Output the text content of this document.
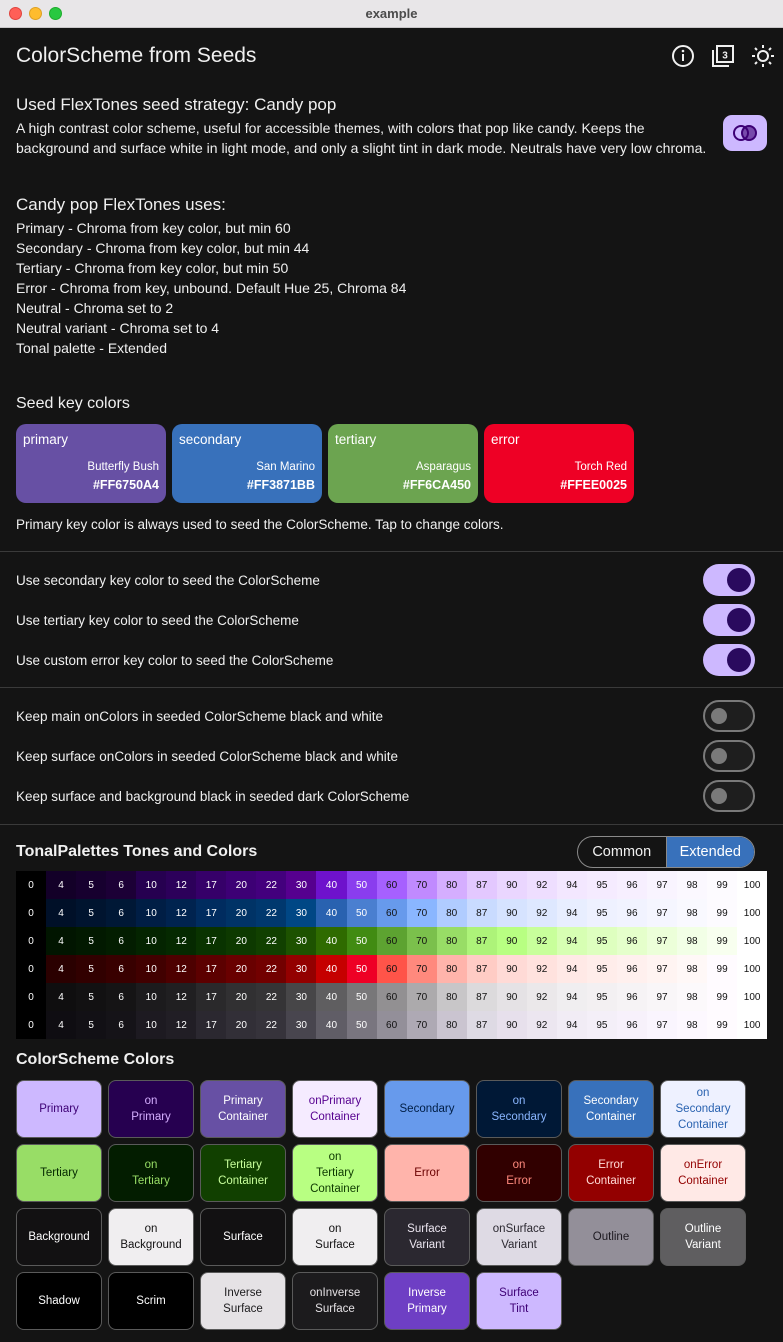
example
ColorScheme from Seeds	3
Used FlexTones seed strategy: Candy pop
A high contrast color scheme, useful for accessible themes, with colors that pop like candy. Keeps the background and surface white in light mode, and only a slight tint in dark mode. Neutrals have very low chroma.
Candy pop FlexTones uses:
Primary - Chroma from key color, but min 60
Secondary - Chroma from key color, but min 44
Tertiary - Chroma from key color, but min 50
Error - Chroma from key, unbound. Default Hue 25, Chroma 84
Neutral - Chroma set to 2
Neutral variant - Chroma set to 4
Tonal palette - Extended
Seed key colors
primary
Butterfly Bush
#FF6750A4
secondary
San Marino
#FF3871BB
tertiary
Asparagus
#FF6CA450
error
Torch Red
#FFEE0025
Primary key color is always used to seed the ColorScheme. Tap to change colors.
Use secondary key color to seed the ColorScheme
Use tertiary key color to seed the ColorScheme
Use custom error key color to seed the ColorScheme
Keep main onColors in seeded ColorScheme black and white
Keep surface onColors in seeded ColorScheme black and white
Keep surface and background black in seeded dark ColorScheme
TonalPalettes Tones and Colors	Common	Extended
0	4	5	6	10	12	17	20	22	30	40	50	60	70	80	87	90	92	94	95	96	97	98	99	100
0	4	5	6	10	12	17	20	22	30	40	50	60	70	80	87	90	92	94	95	96	97	98	99	100
0	4	5	6	10	12	17	20	22	30	40	50	60	70	80	87	90	92	94	95	96	97	98	99	100
0	4	5	6	10	12	17	20	22	30	40	50	60	70	80	87	90	92	94	95	96	97	98	99	100
0	4	5	6	10	12	17	20	22	30	40	50	60	70	80	87	90	92	94	95	96	97	98	99	100
0	4	5	6	10	12	17	20	22	30	40	50	60	70	80	87	90	92	94	95	96	97	98	99	100
ColorScheme Colors
Primary
on
Primary
Primary
Container
onPrimary
Container
Secondary
on
Secondary
Secondary
Container
on
Secondary
Container
Tertiary
on
Tertiary
Tertiary
Container
on
Tertiary
Container
Error
on
Error
Error
Container
onError
Container
Background
on
Background
Surface
on
Surface
Surface
Variant
onSurface
Variant
Outline
Outline
Variant
Shadow	Scrim
Inverse
Surface
onInverse
Surface
Inverse
Primary
Surface
Tint
